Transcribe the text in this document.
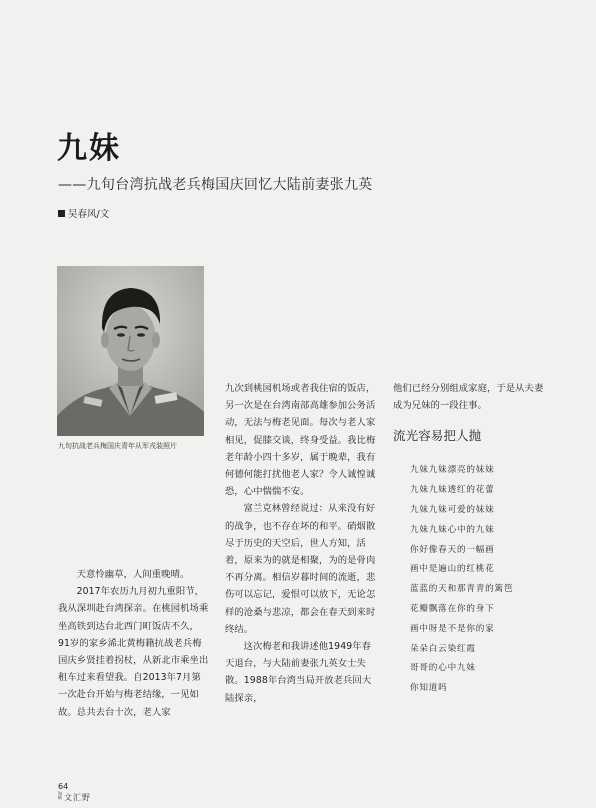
九妹
——九旬台湾抗战老兵梅国庆回忆大陆前妻张九英
吴春风/文
九旬抗战老兵梅国庆青年从军戎装照片

天意怜幽草，人间重晚晴。

2017年农历九月初九重阳节，我从深圳赴台湾探亲。在桃园机场乘坐高铁到达台北西门町饭店不久，91岁的家乡浠北黄梅籍抗战老兵梅国庆乡贤挂着拐杖，从新北市乘坐出租车过来看望我。自2013年7月第一次赴台开始与梅老结缘，一见如故。总共去台十次，老人家

九次到桃园机场或者我住宿的饭店，另一次是在台湾南部高雄参加公务活动，无法与梅老见面。每次与老人家相见，促膝交谈，终身受益。我比梅老年龄小四十多岁，属于晚辈，我有何德何能打扰他老人家？令人诚惶诚恐，心中惴惴不安。

富兰克林曾经说过：从来没有好的战争，也不存在坏的和平。硝烟散尽于历史的天空后，世人方知，活着，原来为的就是相聚，为的是骨肉不再分离。相信岁暮时间的流逝，悲伤可以忘记，爱恨可以放下，无论怎样的沧桑与悲凉，都会在春天到来时终结。

这次梅老和我讲述他1949年春天退台，与大陆前妻张九英女士失散。1988年台湾当局开放老兵回大陆探亲，

他们已经分别组成家庭，于是从夫妻成为兄妹的一段往事。

流光容易把人抛

九妹九妹漂亮的妹妹

九妹九妹透红的花蕾

九妹九妹可爱的妹妹

九妹九妹心中的九妹

你好像春天的一幅画

画中是遍山的红桃花

蓝蓝的天和那青青的篱笆

花瓣飘落在你的身下

画中呀是不是你的家

朵朵白云染红霞

哥哥的心中九妹

你知道吗

64
海峡 文汇野
